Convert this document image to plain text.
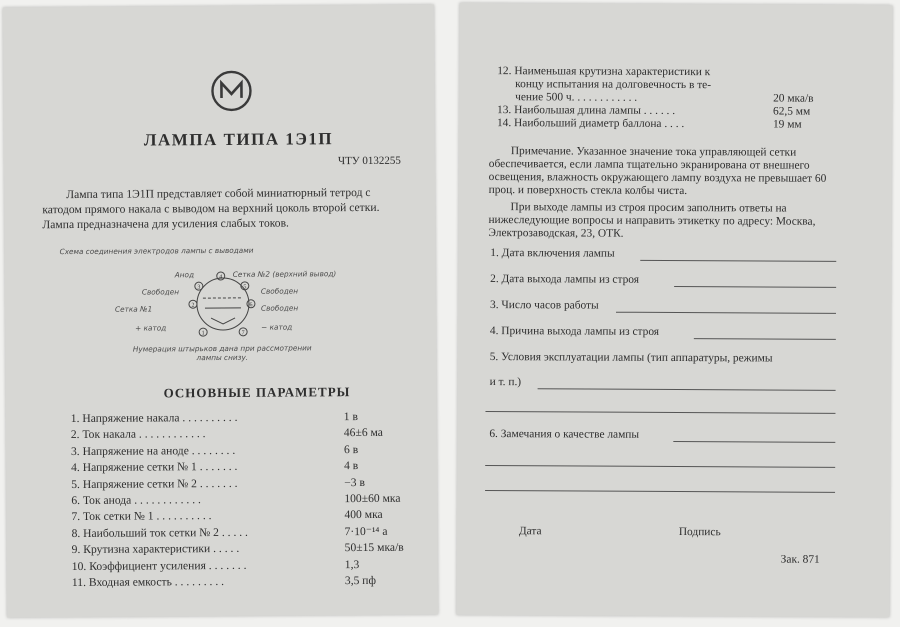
ЛАМПА ТИПА 1Э1П
ЧТУ 0132255
Лампа типа 1Э1П представляет собой миниатюрный тетрод с катодом прямого накала с выводом на верхний цоколь второй сетки. Лампа предназначена для усиления слабых токов.
Схема соединения электродов лампы с выводами
1
2
3
4
5
6
7
Анод	Сетка №2 (верхний вывод)
Свободен	Свободен
Сетка №1	Свободен
+ катод	− катод
Нумерация штырьков дана при рассмотрении лампы снизу.
ОСНОВНЫЕ ПАРАМЕТРЫ
1. Напряжение накала . . . . . . . . . .	1 в
2. Ток накала . . . . . . . . . . . .	46±6 ма
3. Напряжение на аноде . . . . . . . .	6 в
4. Напряжение сетки № 1 . . . . . . .	4 в
5. Напряжение сетки № 2 . . . . . . .	−3 в
6. Ток анода . . . . . . . . . . . .	100±60 мка
7. Ток сетки № 1 . . . . . . . . . .	400 мка
8. Наибольший ток сетки № 2 . . . . .	7·10⁻¹⁴ а
9. Крутизна характеристики . . . . .	50±15 мка/в
10. Коэффициент усиления . . . . . . .	1,3
11. Входная емкость . . . . . . . . .	3,5 пф
12. Наименьшая крутизна характеристики к
концу испытания на долговечность в те-
чение 500 ч. . . . . . . . . . . .	20 мка/в
13. Наибольшая длина лампы . . . . . .	62,5 мм
14. Наибольший диаметр баллона . . . .	19 мм
Примечание. Указанное значение тока управляющей сетки обеспечивается, если лампа тщательно экранирована от внешнего освещения, влажность окружающего лампу воздуха не превышает 60 проц. и поверхность стекла колбы чиста.
При выходе лампы из строя просим заполнить ответы на нижеследующие вопросы и направить этикетку по адресу: Москва, Электрозаводская, 23, ОТК.
1. Дата включения лампы
2. Дата выхода лампы из строя
3. Число часов работы
4. Причина выхода лампы из строя
5. Условия эксплуатации лампы (тип аппаратуры, режимы
и т. п.)
6. Замечания о качестве лампы
Дата	Подпись
Зак. 871
